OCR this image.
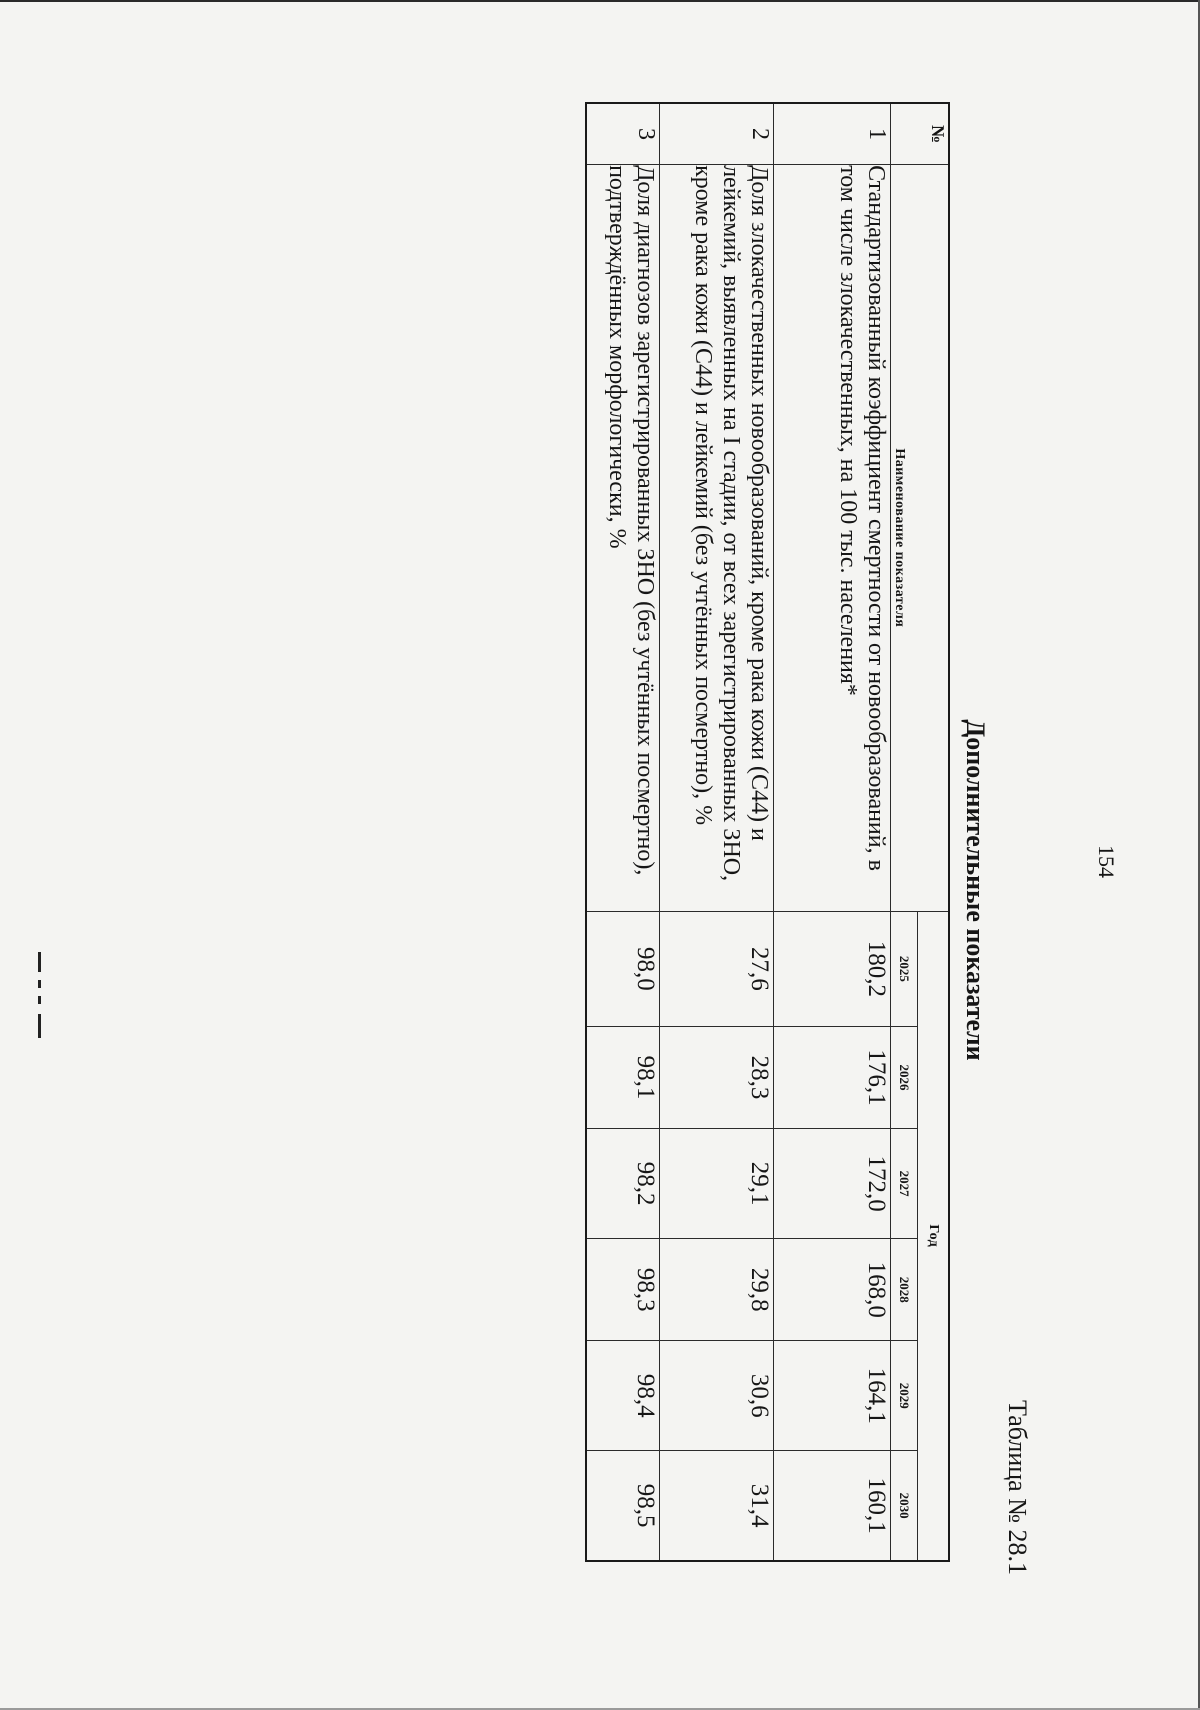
154
Таблица № 28.1
Дополнительные показатели
№	Наименование показателя	Год					
		2025	2026	2027	2028	2029	2030
1	Стандартизованный коэффициент смертности от новообразований, в том числе злокачественных, на 100 тыс. населения*	180,2	176,1	172,0	168,0	164,1	160,1
2	Доля злокачественных новообразований, кроме рака кожи (С44) и лейкемий, выявленных на I стадии, от всех зарегистрированных ЗНО, кроме рака кожи (С44) и лейкемий (без учтённых посмертно), %	27,6	28,3	29,1	29,8	30,6	31,4
3	Доля диагнозов зарегистрированных ЗНО (без учтённых посмертно), подтверждённых морфологически, %	98,0	98,1	98,2	98,3	98,4	98,5
